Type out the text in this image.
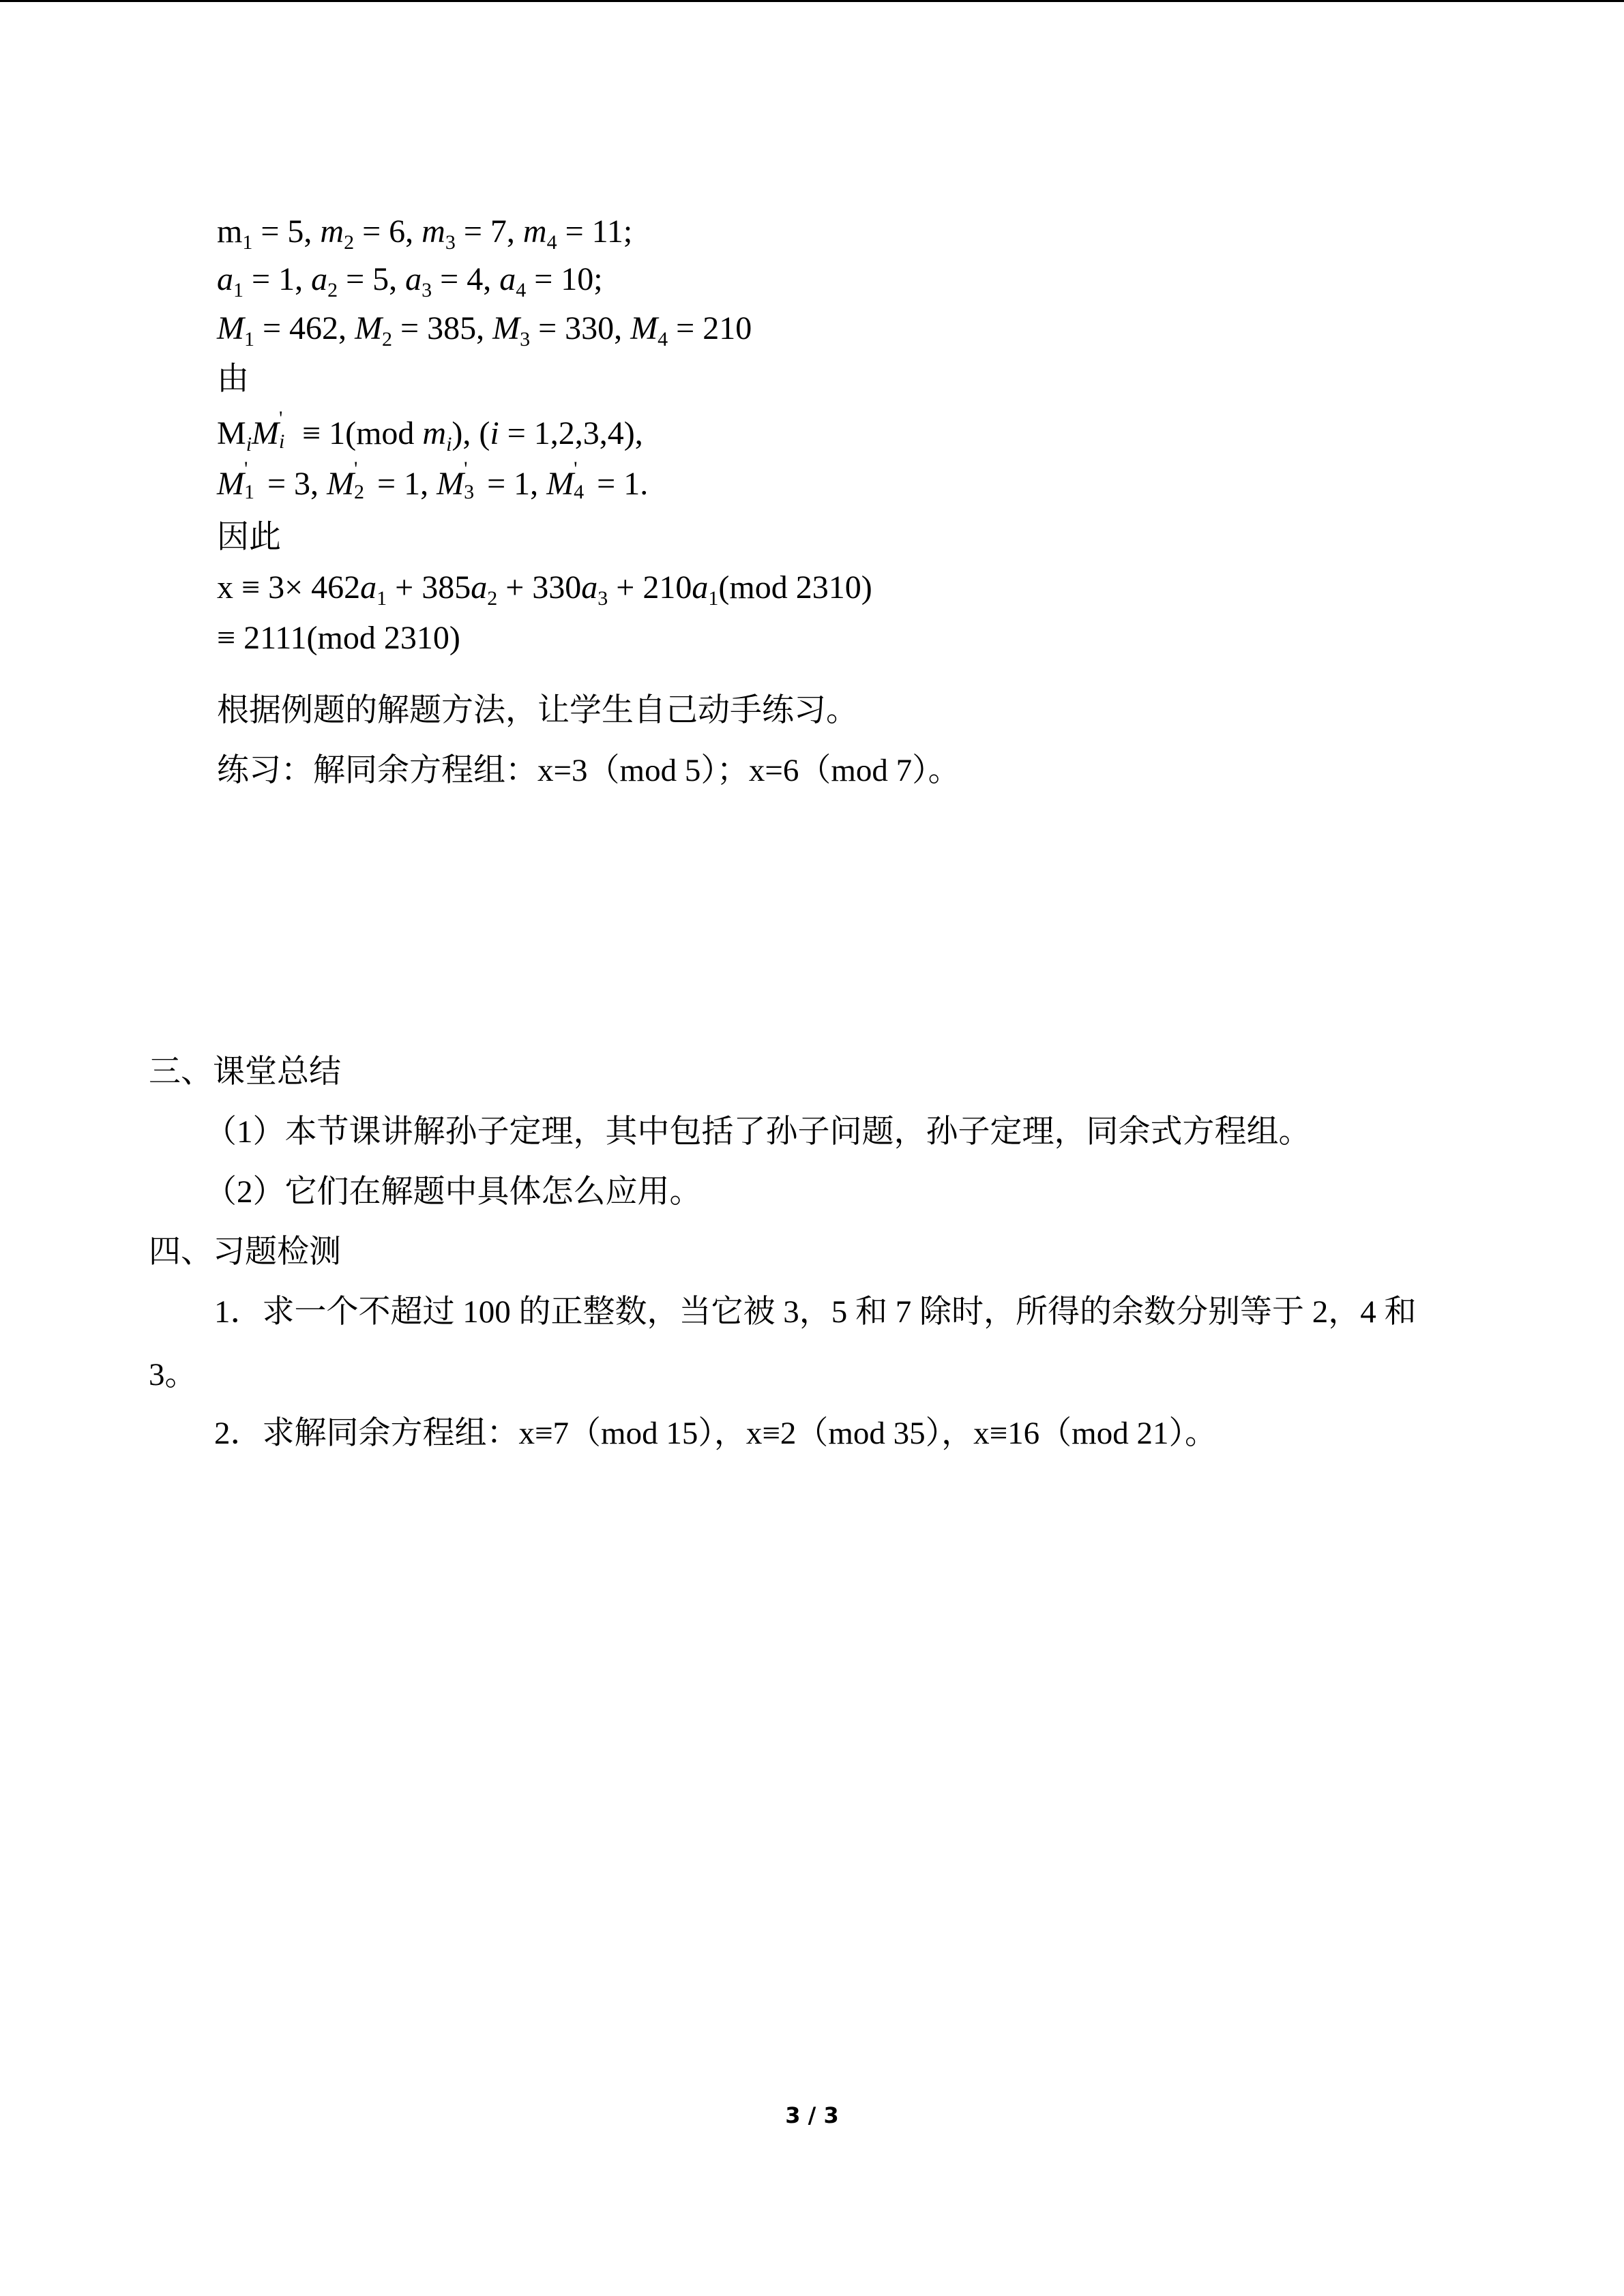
$m_1 = 5$, $m_2 = 6$, $m_3 = 7$, $m_4 = 11$;
$a_1 = 1$, $a_2 = 5$, $a_3 = 4$, $a_4 = 10$;
$M_1 = 462$, $M_2 = 385$, $M_3 = 330$, $M_4 = 210$
由
$M_iM$ '
i ≡ 1(mod $m_i$), (i = 1,2,3,4),
M '
1 = 3, M '
2 = 1, M '
3 = 1, M '
4 = 1.
因此
$x \equiv 3\times 462a_1 + 385a_2 + 330a_3 + 210a_1(mod$ 2310)
≡ 2111(mod 2310)
根据例题的解题方法，让学生自己动手练习。
练习：解同余方程组：x=3（mod 5）；x=6（mod 7）。
三、课堂总结
（1）本节课讲解孙子定理，其中包括了孙子问题，孙子定理，同余式方程组。
（2）它们在解题中具体怎么应用。
四、习题检测
1．求一个不超过 100 的正整数，当它被 3，5 和 7 除时，所得的余数分别等于 2，4 和
3。
2．求解同余方程组：x≡7（mod 15），x≡2（mod 35），x≡16（mod 21）。
3 / 3
